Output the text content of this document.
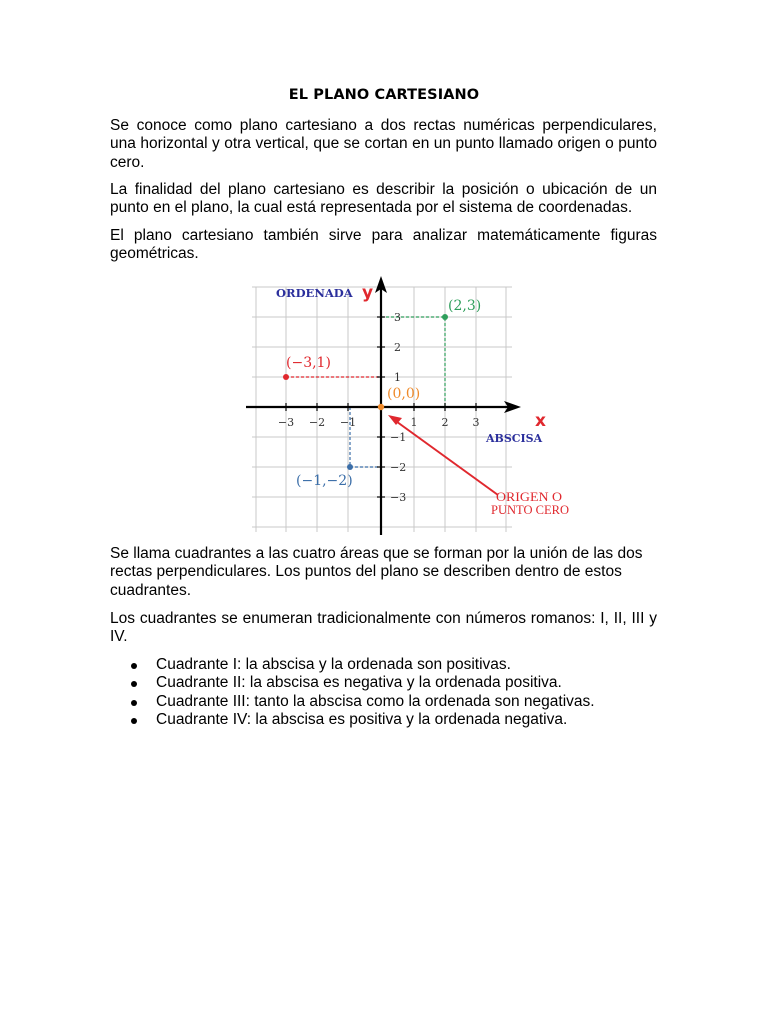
EL PLANO CARTESIANO

Se conoce como plano cartesiano a dos rectas numéricas perpendiculares, una horizontal y otra vertical, que se cortan en un punto llamado origen o punto cero.

La finalidad del plano cartesiano es describir la posición o ubicación de un punto en el plano, la cual está representada por el sistema de coordenadas.

El plano cartesiano también sirve para analizar matemáticamente figuras geométricas.

−3 −2 −1	1 2 3
3
2
1
−1
−2
−3
ORDENADA y
ABSCISA
x
(2,3)
(−3,1)
(−1,−2)
(0,0)
ORIGEN O
PUNTO CERO

Se llama cuadrantes a las cuatro áreas que se forman por la unión de las dos rectas perpendiculares. Los puntos del plano se describen dentro de estos cuadrantes.

Los cuadrantes se enumeran tradicionalmente con números romanos: I, II, III y IV.

Cuadrante I: la abscisa y la ordenada son positivas.
Cuadrante II: la abscisa es negativa y la ordenada positiva.
Cuadrante III: tanto la abscisa como la ordenada son negativas.
Cuadrante IV: la abscisa es positiva y la ordenada negativa.
